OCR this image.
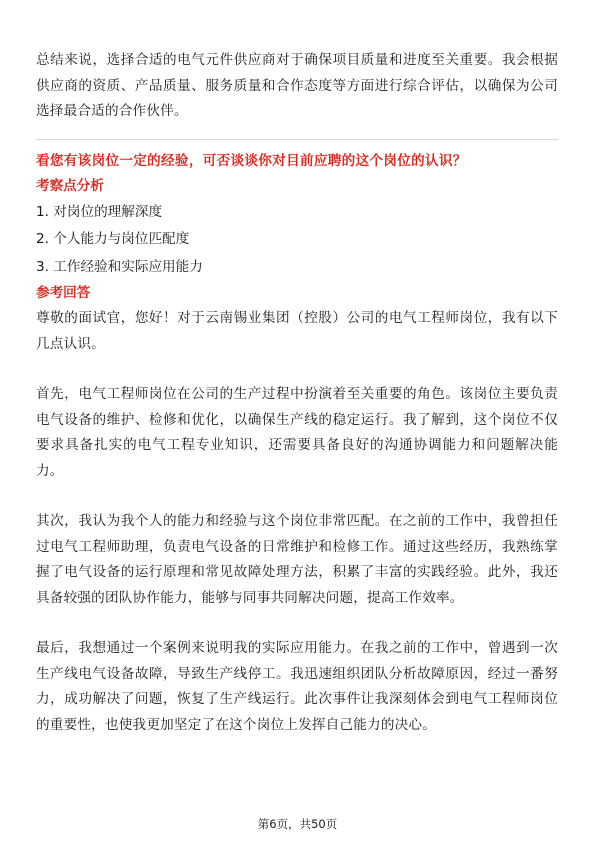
总结来说，选择合适的电气元件供应商对于确保项目质量和进度至关重要。我会根据供应商的资质、产品质量、服务质量和合作态度等方面进行综合评估，以确保为公司选择最合适的合作伙伴。

看您有该岗位一定的经验，可否谈谈你对目前应聘的这个岗位的认识？

考察点分析

1. 对岗位的理解深度

2. 个人能力与岗位匹配度

3. 工作经验和实际应用能力

参考回答

尊敬的面试官，您好！对于云南锡业集团（控股）公司的电气工程师岗位，我有以下几点认识。

首先，电气工程师岗位在公司的生产过程中扮演着至关重要的角色。该岗位主要负责电气设备的维护、检修和优化，以确保生产线的稳定运行。我了解到，这个岗位不仅要求具备扎实的电气工程专业知识，还需要具备良好的沟通协调能力和问题解决能力。

其次，我认为我个人的能力和经验与这个岗位非常匹配。在之前的工作中，我曾担任过电气工程师助理，负责电气设备的日常维护和检修工作。通过这些经历，我熟练掌握了电气设备的运行原理和常见故障处理方法，积累了丰富的实践经验。此外，我还具备较强的团队协作能力，能够与同事共同解决问题，提高工作效率。

最后，我想通过一个案例来说明我的实际应用能力。在我之前的工作中，曾遇到一次生产线电气设备故障，导致生产线停工。我迅速组织团队分析故障原因，经过一番努力，成功解决了问题，恢复了生产线运行。此次事件让我深刻体会到电气工程师岗位的重要性，也使我更加坚定了在这个岗位上发挥自己能力的决心。

第6页，共50页
